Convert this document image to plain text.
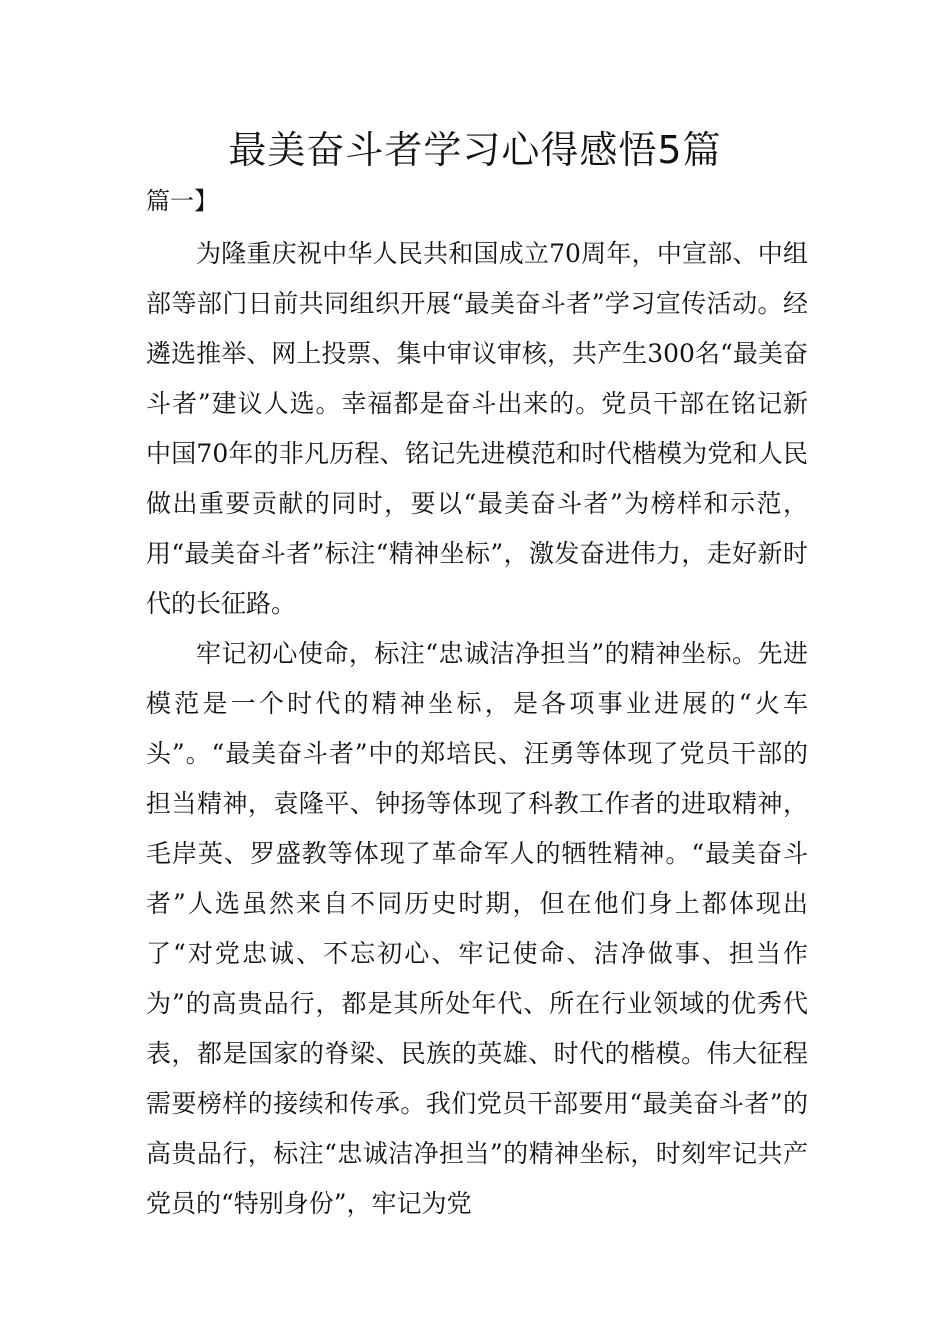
最美奋斗者学习心得感悟5篇
篇一】

为隆重庆祝中华人民共和国成立70周年，中宣部、中组部等部门日前共同组织开展“最美奋斗者”学习宣传活动。经遴选推举、网上投票、集中审议审核，共产生300名“最美奋斗者”建议人选。幸福都是奋斗出来的。党员干部在铭记新中国70年的非凡历程、铭记先进模范和时代楷模为党和人民做出重要贡献的同时，要以“最美奋斗者”为榜样和示范，用“最美奋斗者”标注“精神坐标”，激发奋进伟力，走好新时代的长征路。

牢记初心使命，标注“忠诚洁净担当”的精神坐标。先进模范是一个时代的精神坐标，是各项事业进展的“火车头”。“最美奋斗者”中的郑培民、汪勇等体现了党员干部的担当精神，袁隆平、钟扬等体现了科教工作者的进取精神，毛岸英、罗盛教等体现了革命军人的牺牲精神。“最美奋斗者”人选虽然来自不同历史时期，但在他们身上都体现出了“对党忠诚、不忘初心、牢记使命、洁净做事、担当作为”的高贵品行，都是其所处年代、所在行业领域的优秀代表，都是国家的脊梁、民族的英雄、时代的楷模。伟大征程需要榜样的接续和传承。我们党员干部要用“最美奋斗者”的高贵品行，标注“忠诚洁净担当”的精神坐标，时刻牢记共产党员的“特别身份”，牢记为党
